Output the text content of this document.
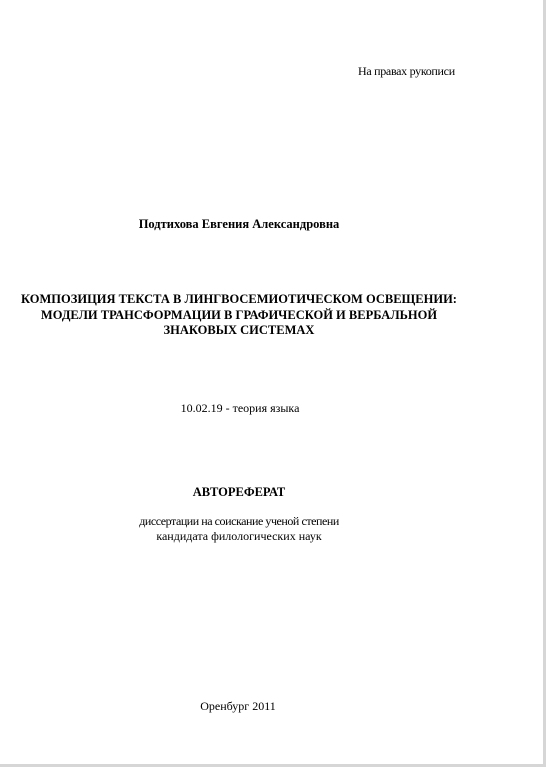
На правах рукописи
Подтихова Евгения Александровна
КОМПОЗИЦИЯ ТЕКСТА В ЛИНГВОСЕМИОТИЧЕСКОМ ОСВЕЩЕНИИ:
МОДЕЛИ ТРАНСФОРМАЦИИ В ГРАФИЧЕСКОЙ И ВЕРБАЛЬНОЙ
ЗНАКОВЫХ СИСТЕМАХ
10.02.19 - теория языка
АВТОРЕФЕРАТ
диссертации на соискание ученой степени
кандидата филологических наук
Оренбург 2011
